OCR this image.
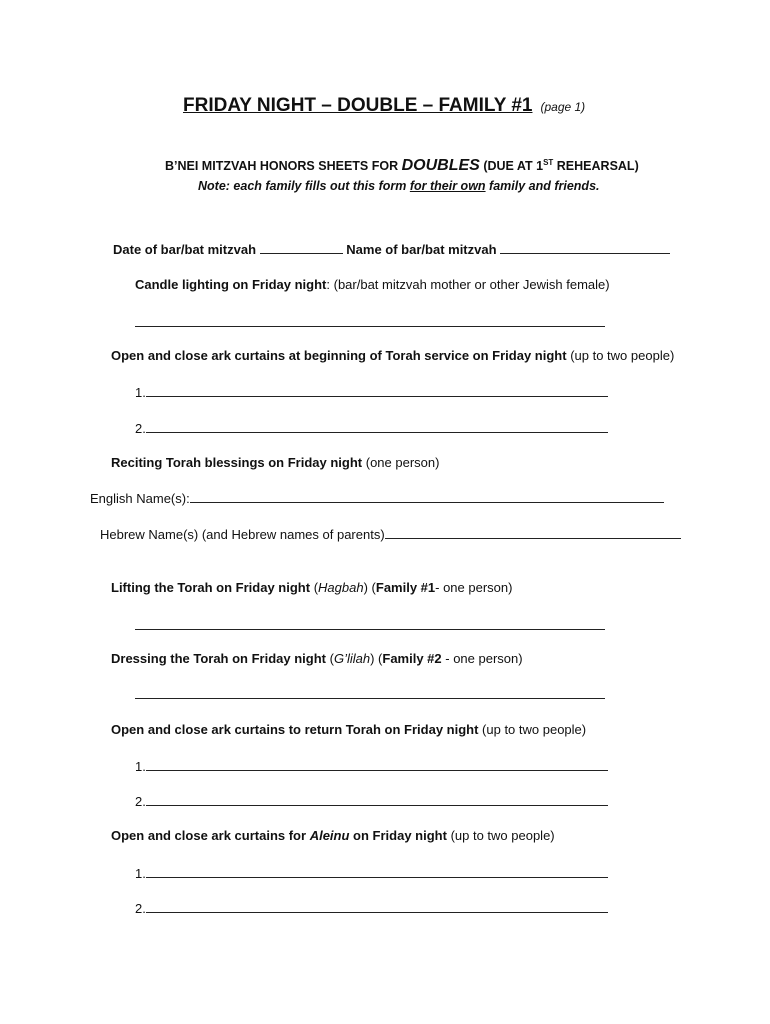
FRIDAY NIGHT – DOUBLE – FAMILY #1 (page 1)
B’NEI MITZVAH HONORS SHEETS FOR DOUBLES (DUE AT 1ST REHEARSAL)
Note: each family fills out this form for their own family and friends.
Date of bar/bat mitzvah	Name of bar/bat mitzvah
Candle lighting on Friday night: (bar/bat mitzvah mother or other Jewish female)
Open and close ark curtains at beginning of Torah service on Friday night (up to two people)
1.
2.
Reciting Torah blessings on Friday night (one person)
English Name(s):
Hebrew Name(s) (and Hebrew names of parents)
Lifting the Torah on Friday night (Hagbah) (Family #1- one person)
Dressing the Torah on Friday night (G’lilah) (Family #2 - one person)
Open and close ark curtains to return Torah on Friday night (up to two people)
1.
2.
Open and close ark curtains for Aleinu on Friday night (up to two people)
1.
2.
